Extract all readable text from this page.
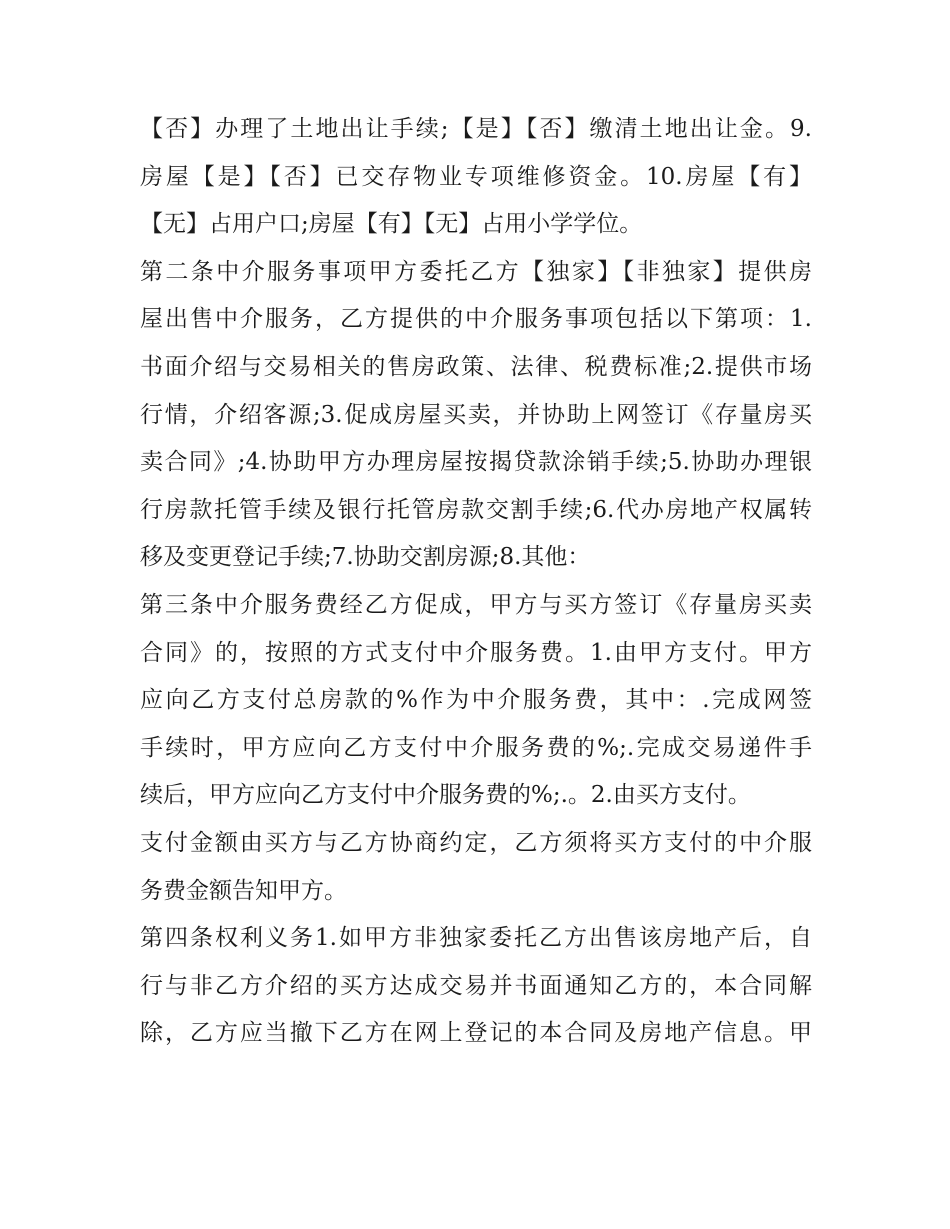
【否】办理了土地出让手续;【是】【否】缴清土地出让金。9.
房屋【是】【否】已交存物业专项维修资金。10.房屋【有】
【无】占用户口;房屋【有】【无】占用小学学位。

第二条中介服务事项甲方委托乙方【独家】【非独家】提供房
屋出售中介服务，乙方提供的中介服务事项包括以下第项：1.
书面介绍与交易相关的售房政策、法律、税费标准;2.提供市场
行情，介绍客源;3.促成房屋买卖，并协助上网签订《存量房买
卖合同》;4.协助甲方办理房屋按揭贷款涂销手续;5.协助办理银
行房款托管手续及银行托管房款交割手续;6.代办房地产权属转
移及变更登记手续;7.协助交割房源;8.其他：

第三条中介服务费经乙方促成，甲方与买方签订《存量房买卖
合同》的，按照的方式支付中介服务费。1.由甲方支付。甲方
应向乙方支付总房款的%作为中介服务费，其中：.完成网签
手续时，甲方应向乙方支付中介服务费的%;.完成交易递件手
续后，甲方应向乙方支付中介服务费的%;.。2.由买方支付。
支付金额由买方与乙方协商约定，乙方须将买方支付的中介服
务费金额告知甲方。

第四条权利义务1.如甲方非独家委托乙方出售该房地产后，自
行与非乙方介绍的买方达成交易并书面通知乙方的，本合同解
除，乙方应当撤下乙方在网上登记的本合同及房地产信息。甲
